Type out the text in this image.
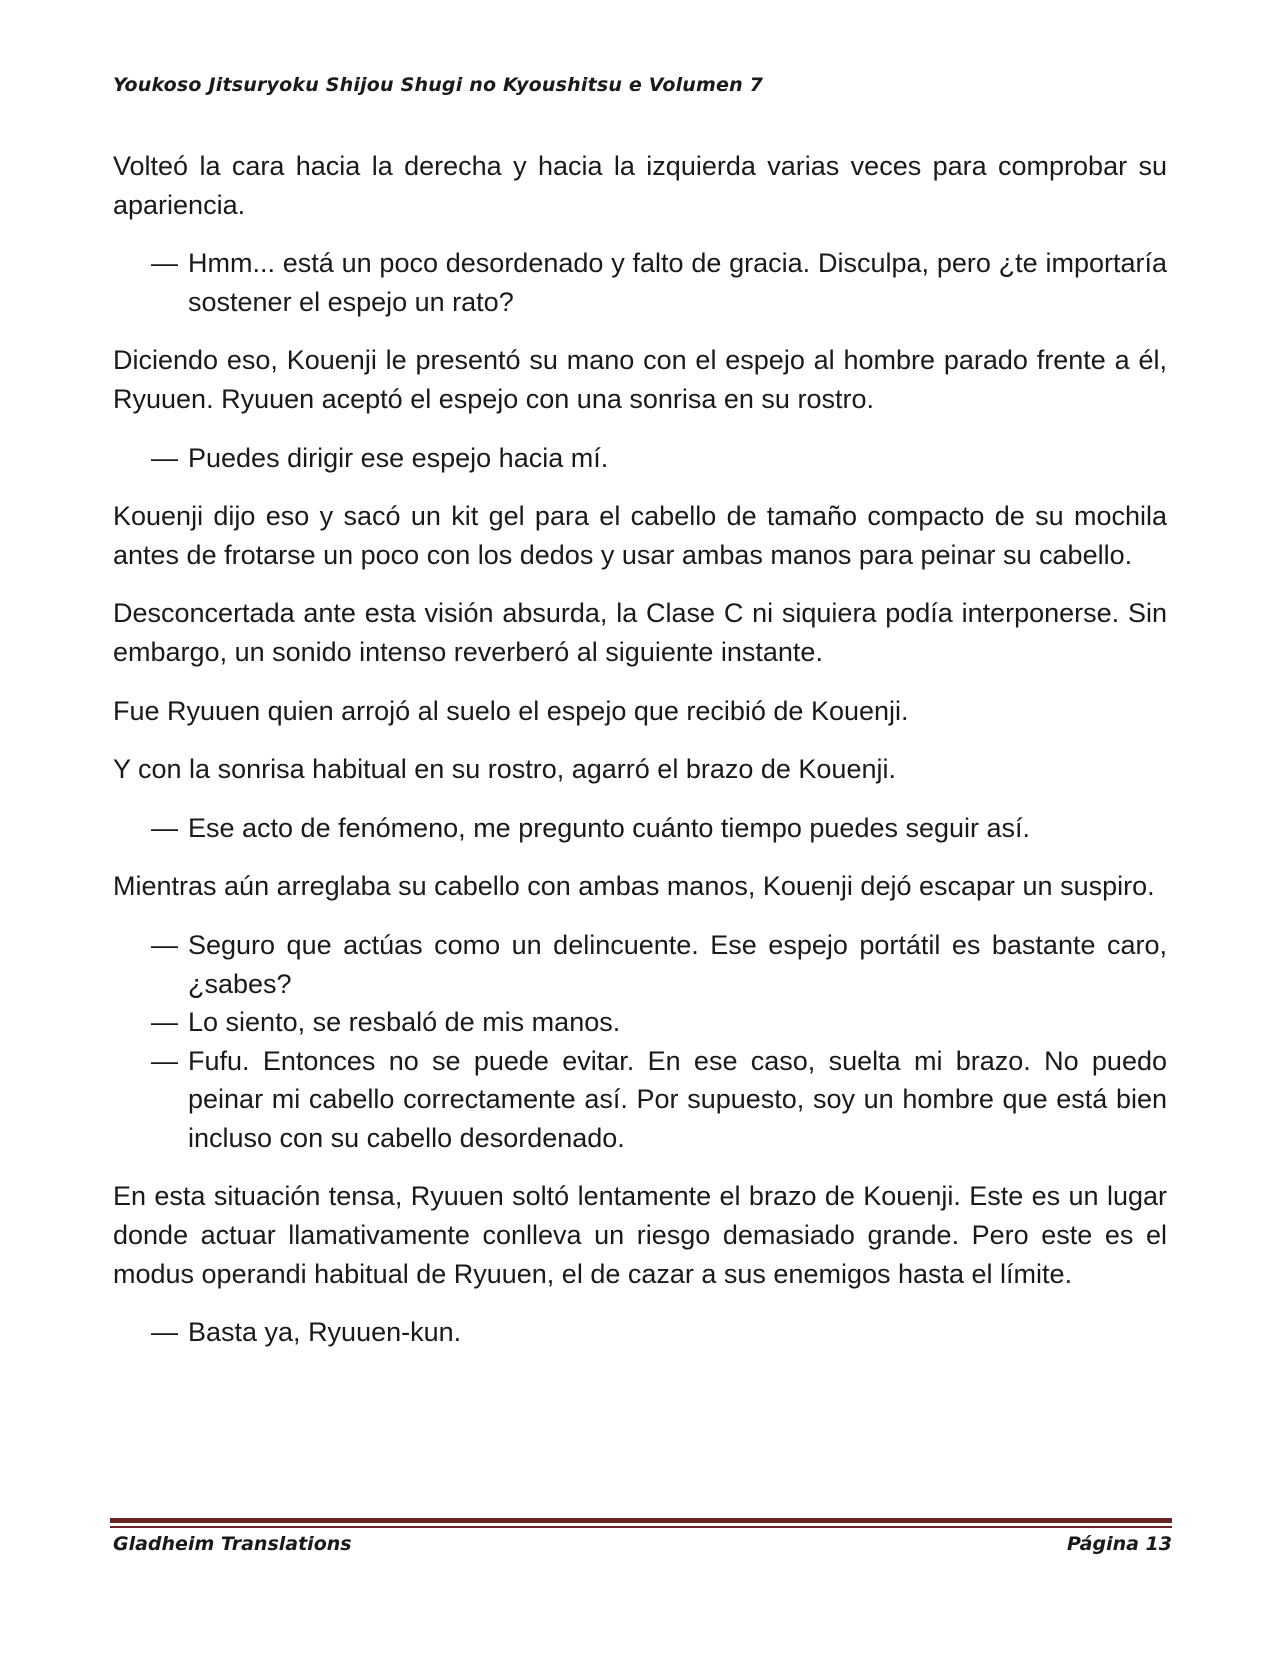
Youkoso Jitsuryoku Shijou Shugi no Kyoushitsu e Volumen 7

Volteó la cara hacia la derecha y hacia la izquierda varias veces para comprobar su apariencia.

— Hmm... está un poco desordenado y falto de gracia. Disculpa, pero ¿te importaría sostener el espejo un rato?

Diciendo eso, Kouenji le presentó su mano con el espejo al hombre parado frente a él, Ryuuen. Ryuuen aceptó el espejo con una sonrisa en su rostro.

— Puedes dirigir ese espejo hacia mí.

Kouenji dijo eso y sacó un kit gel para el cabello de tamaño compacto de su mochila antes de frotarse un poco con los dedos y usar ambas manos para peinar su cabello.

Desconcertada ante esta visión absurda, la Clase C ni siquiera podía interponerse. Sin embargo, un sonido intenso reverberó al siguiente instante.

Fue Ryuuen quien arrojó al suelo el espejo que recibió de Kouenji.

Y con la sonrisa habitual en su rostro, agarró el brazo de Kouenji.

— Ese acto de fenómeno, me pregunto cuánto tiempo puedes seguir así.

Mientras aún arreglaba su cabello con ambas manos, Kouenji dejó escapar un suspiro.

— Seguro que actúas como un delincuente. Ese espejo portátil es bastante caro, ¿sabes?

— Lo siento, se resbaló de mis manos.

— Fufu. Entonces no se puede evitar. En ese caso, suelta mi brazo. No puedo peinar mi cabello correctamente así. Por supuesto, soy un hombre que está bien incluso con su cabello desordenado.

En esta situación tensa, Ryuuen soltó lentamente el brazo de Kouenji. Este es un lugar donde actuar llamativamente conlleva un riesgo demasiado grande. Pero este es el modus operandi habitual de Ryuuen, el de cazar a sus enemigos hasta el límite.

— Basta ya, Ryuuen-kun.

Gladheim Translations	Página 13
